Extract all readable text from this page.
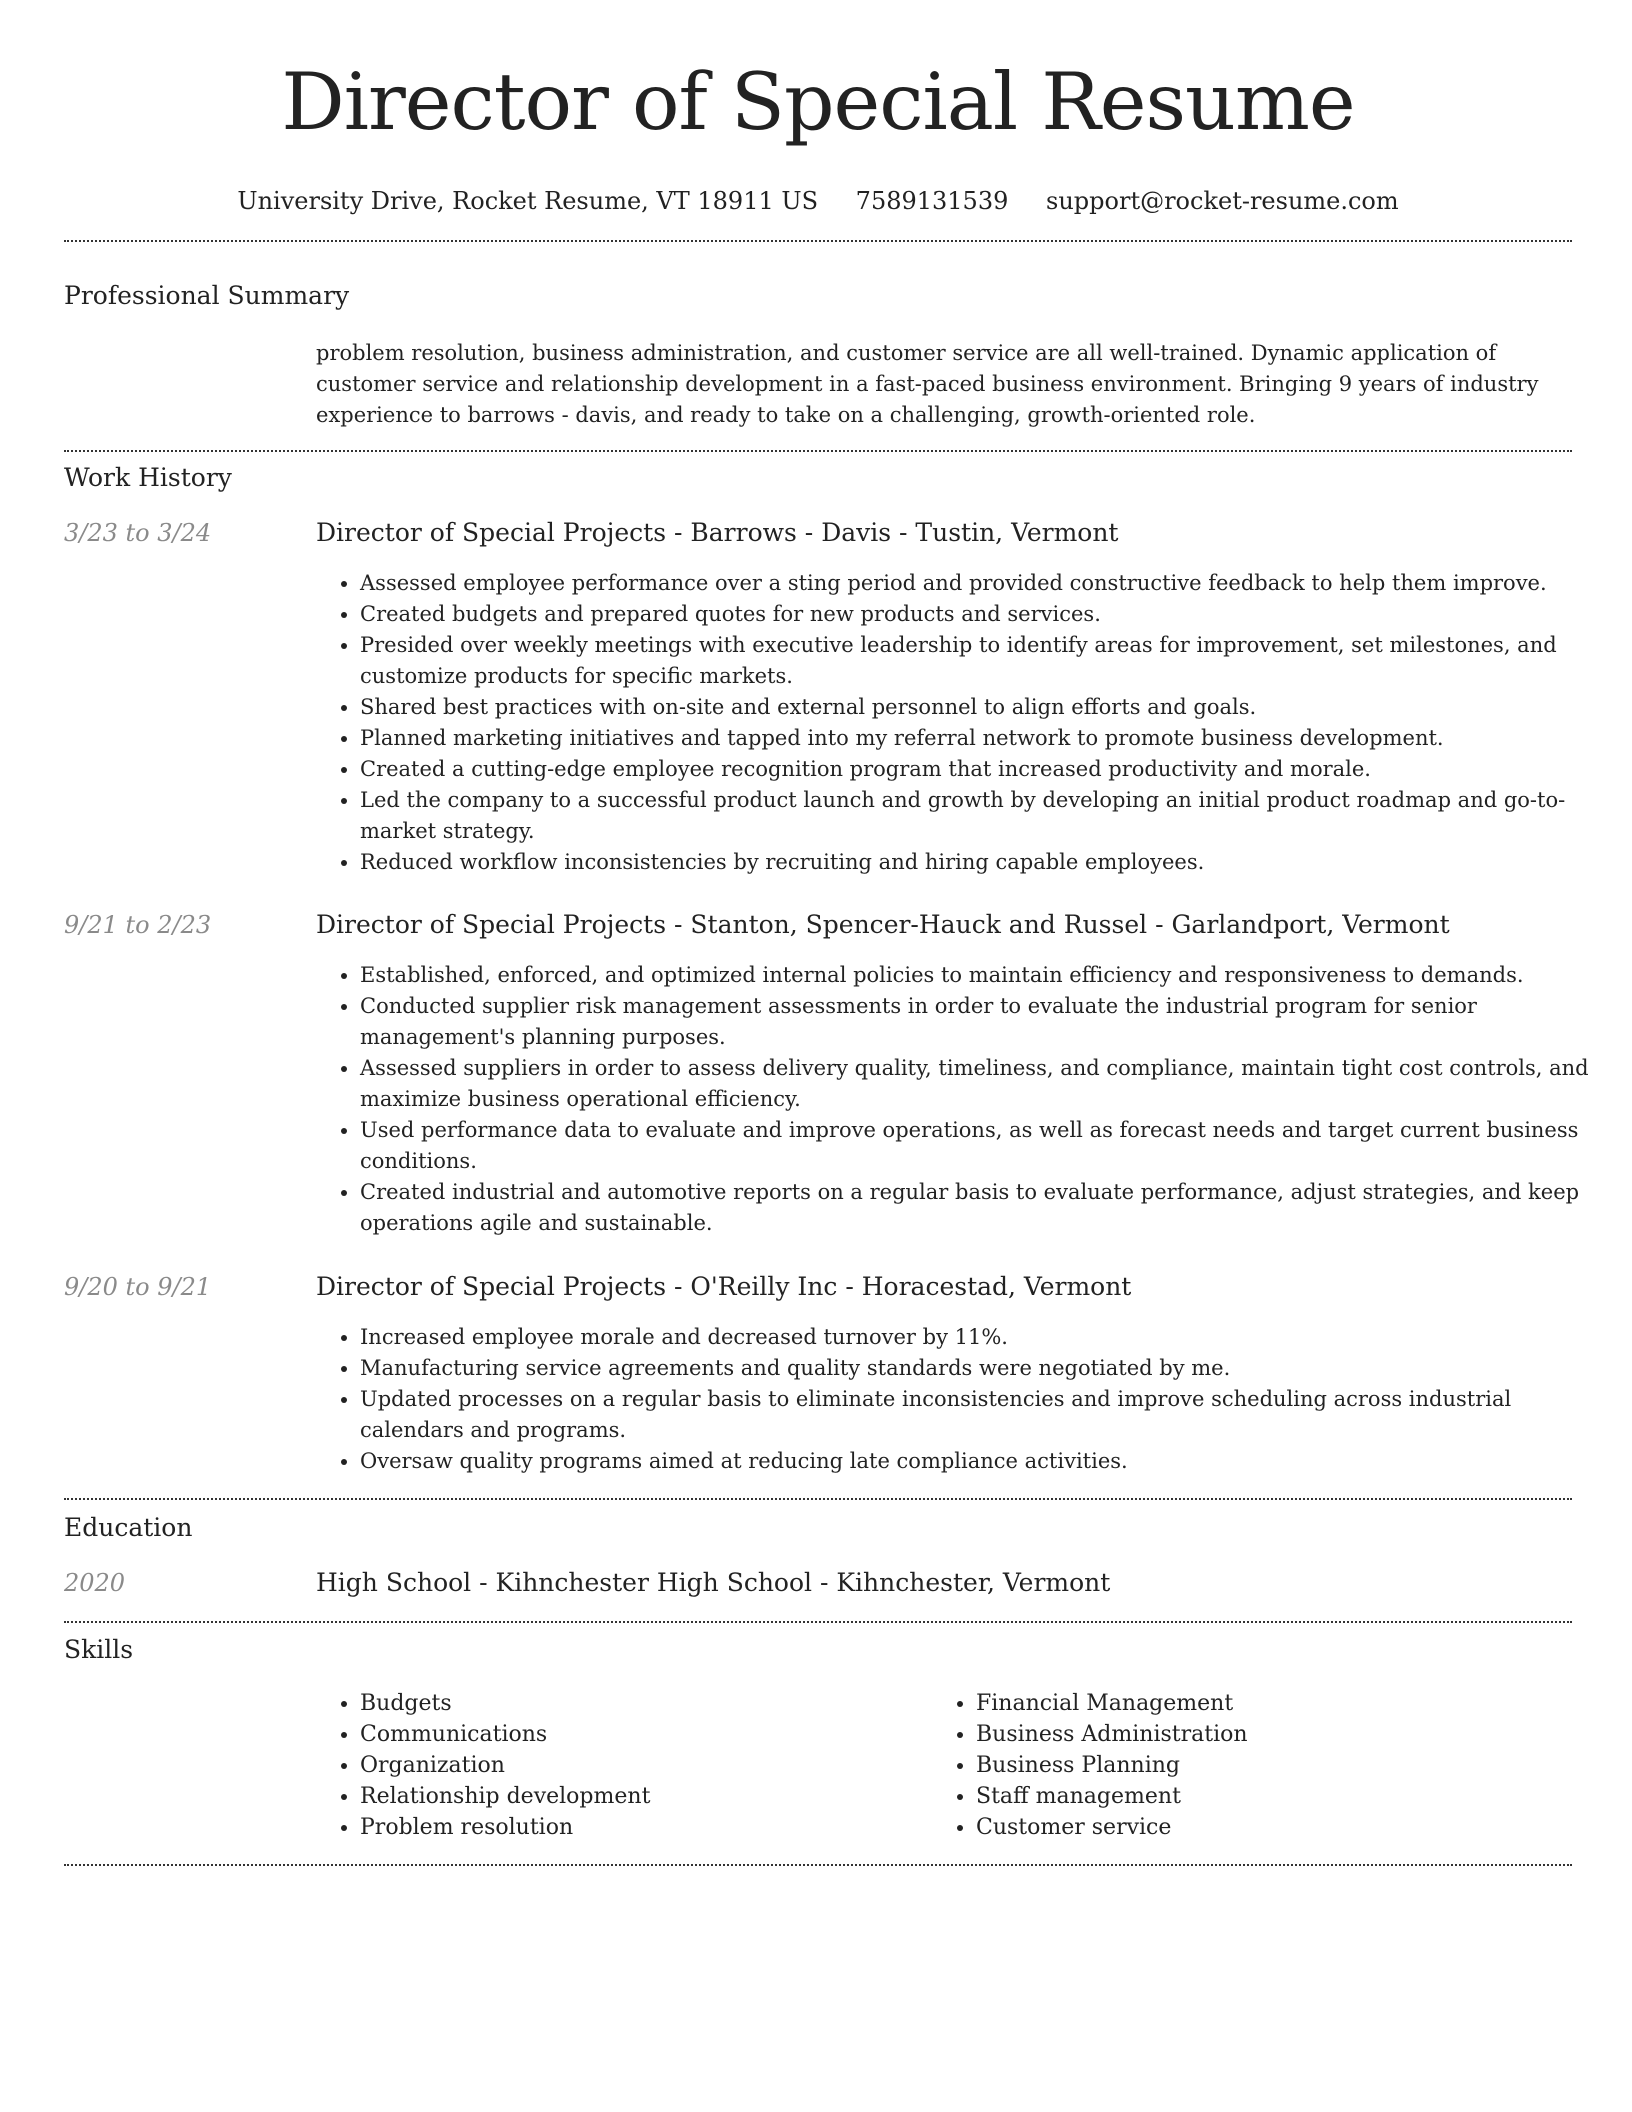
Director of Special Resume
University Drive, Rocket Resume, VT 18911 US 7589131539 support@rocket-resume.com
Professional Summary

problem resolution, business administration, and customer service are all well-trained. Dynamic application of customer service and relationship development in a fast-paced business environment. Bringing 9 years of industry experience to barrows - davis, and ready to take on a challenging, growth-oriented role.

Work History
3/23 to 3/24	Director of Special Projects - Barrows - Davis - Tustin, Vermont
• Assessed employee performance over a sting period and provided constructive feedback to help them improve.
• Created budgets and prepared quotes for new products and services.
• Presided over weekly meetings with executive leadership to identify areas for improvement, set milestones, and customize products for specific markets.
• Shared best practices with on-site and external personnel to align efforts and goals.
• Planned marketing initiatives and tapped into my referral network to promote business development.
• Created a cutting-edge employee recognition program that increased productivity and morale.
• Led the company to a successful product launch and growth by developing an initial product roadmap and go-to-market strategy.
• Reduced workflow inconsistencies by recruiting and hiring capable employees.
9/21 to 2/23	Director of Special Projects - Stanton, Spencer-Hauck and Russel - Garlandport, Vermont
• Established, enforced, and optimized internal policies to maintain efficiency and responsiveness to demands.
• Conducted supplier risk management assessments in order to evaluate the industrial program for senior management's planning purposes.
• Assessed suppliers in order to assess delivery quality, timeliness, and compliance, maintain tight cost controls, and maximize business operational efficiency.
• Used performance data to evaluate and improve operations, as well as forecast needs and target current business conditions.
• Created industrial and automotive reports on a regular basis to evaluate performance, adjust strategies, and keep operations agile and sustainable.
9/20 to 9/21	Director of Special Projects - O'Reilly Inc - Horacestad, Vermont
• Increased employee morale and decreased turnover by 11%.
• Manufacturing service agreements and quality standards were negotiated by me.
• Updated processes on a regular basis to eliminate inconsistencies and improve scheduling across industrial calendars and programs.
• Oversaw quality programs aimed at reducing late compliance activities.
Education
2020	High School - Kihnchester High School - Kihnchester, Vermont
Skills
• Budgets
• Communications
• Organization
• Relationship development
• Problem resolution
• Financial Management
• Business Administration
• Business Planning
• Staff management
• Customer service
